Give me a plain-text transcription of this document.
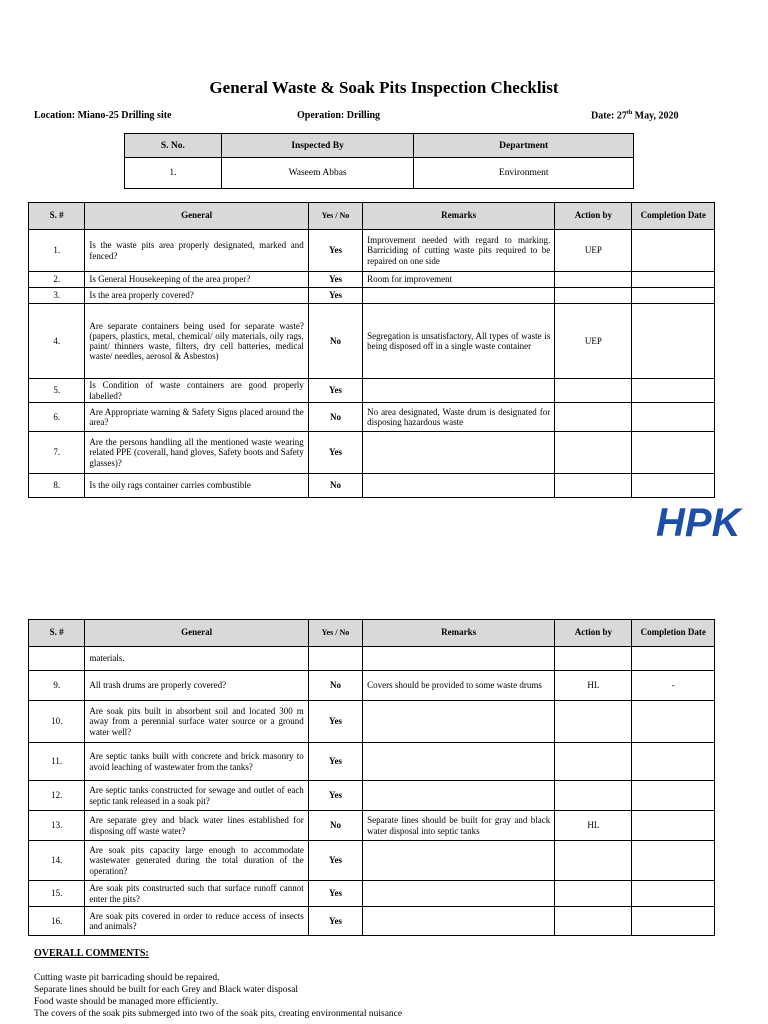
General Waste & Soak Pits Inspection Checklist
Location: Miano-25 Drilling site	Operation: Drilling	Date: 27th May, 2020
S. No.	Inspected By	Department
1.	Waseem Abbas	Environment
S. #	General	Yes / No	Remarks	Action by	Completion Date
1.	Is the waste pits area properly designated, marked and fenced?	Yes	Improvement needed with regard to marking. Barriciding of cutting waste pits required to be repaired on one side	UEP	
2.	Is General Housekeeping of the area proper?	Yes	Room for improvement		
3.	Is the area properly covered?	Yes			
4.	Are separate containers being used for separate waste? (papers, plastics, metal, chemical/ oily materials, oily rags, paint/ thinners waste, filters, dry cell batteries, medical waste/ needles, aerosol & Asbestos)	No	Segregation is unsatisfactory, All types of waste is being disposed off in a single waste container	UEP	
5.	Is Condition of waste containers are good properly labelled?	Yes			
6.	Are Appropriate warning & Safety Signs placed around the area?	No	No area designated, Waste drum is designated for disposing hazardous waste		
7.	Are the persons handling all the mentioned waste wearing related PPE (coverall, hand gloves, Safety boots and Safety glasses)?	Yes			
8.	Is the oily rags container carries combustible	No			
HPK
S. #	General	Yes / No	Remarks	Action by	Completion Date
	materials.				
9.	All trash drums are properly covered?	No	Covers should be provided to some waste drums	HL	-
10.	Are soak pits built in absorbent soil and located 300 m away from a perennial surface water source or a ground water well?	Yes			
11.	Are septic tanks built with concrete and brick masonry to avoid leaching of wastewater from the tanks?	Yes			
12.	Are septic tanks constructed for sewage and outlet of each septic tank released in a soak pit?	Yes			
13.	Are separate grey and black water lines established for disposing off waste water?	No	Separate lines should be built for gray and black water disposal into septic tanks	HL	
14.	Are soak pits capacity large enough to accommodate wastewater generated during the total duration of the operation?	Yes			
15.	Are soak pits constructed such that surface runoff cannot enter the pits?	Yes			
16.	Are soak pits covered in order to reduce access of insects and animals?	Yes			
OVERALL COMMENTS:
Cutting waste pit barricading should be repaired.
Separate lines should be built for each Grey and Black water disposal
Food waste should be managed more efficiently.
The covers of the soak pits submerged into two of the soak pits, creating environmental nuisance
